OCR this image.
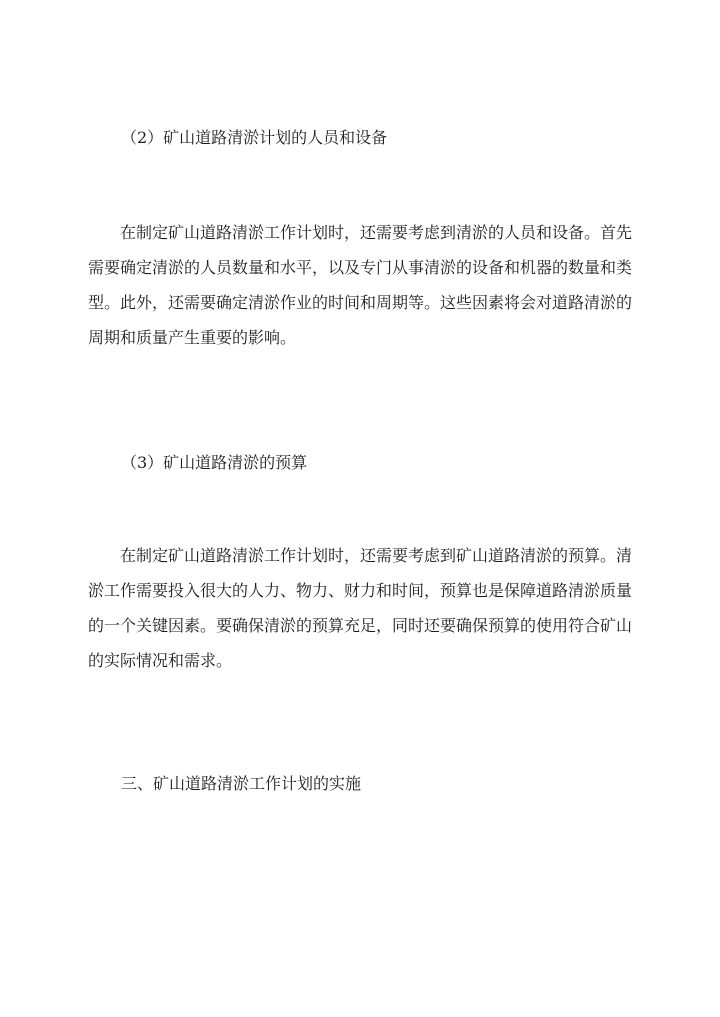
（2）矿山道路清淤计划的人员和设备
在制定矿山道路清淤工作计划时，还需要考虑到清淤的人员和设备。首先需要确定清淤的人员数量和水平，以及专门从事清淤的设备和机器的数量和类型。此外，还需要确定清淤作业的时间和周期等。这些因素将会对道路清淤的周期和质量产生重要的影响。
（3）矿山道路清淤的预算
在制定矿山道路清淤工作计划时，还需要考虑到矿山道路清淤的预算。清淤工作需要投入很大的人力、物力、财力和时间，预算也是保障道路清淤质量的一个关键因素。要确保清淤的预算充足，同时还要确保预算的使用符合矿山的实际情况和需求。
三、矿山道路清淤工作计划的实施
